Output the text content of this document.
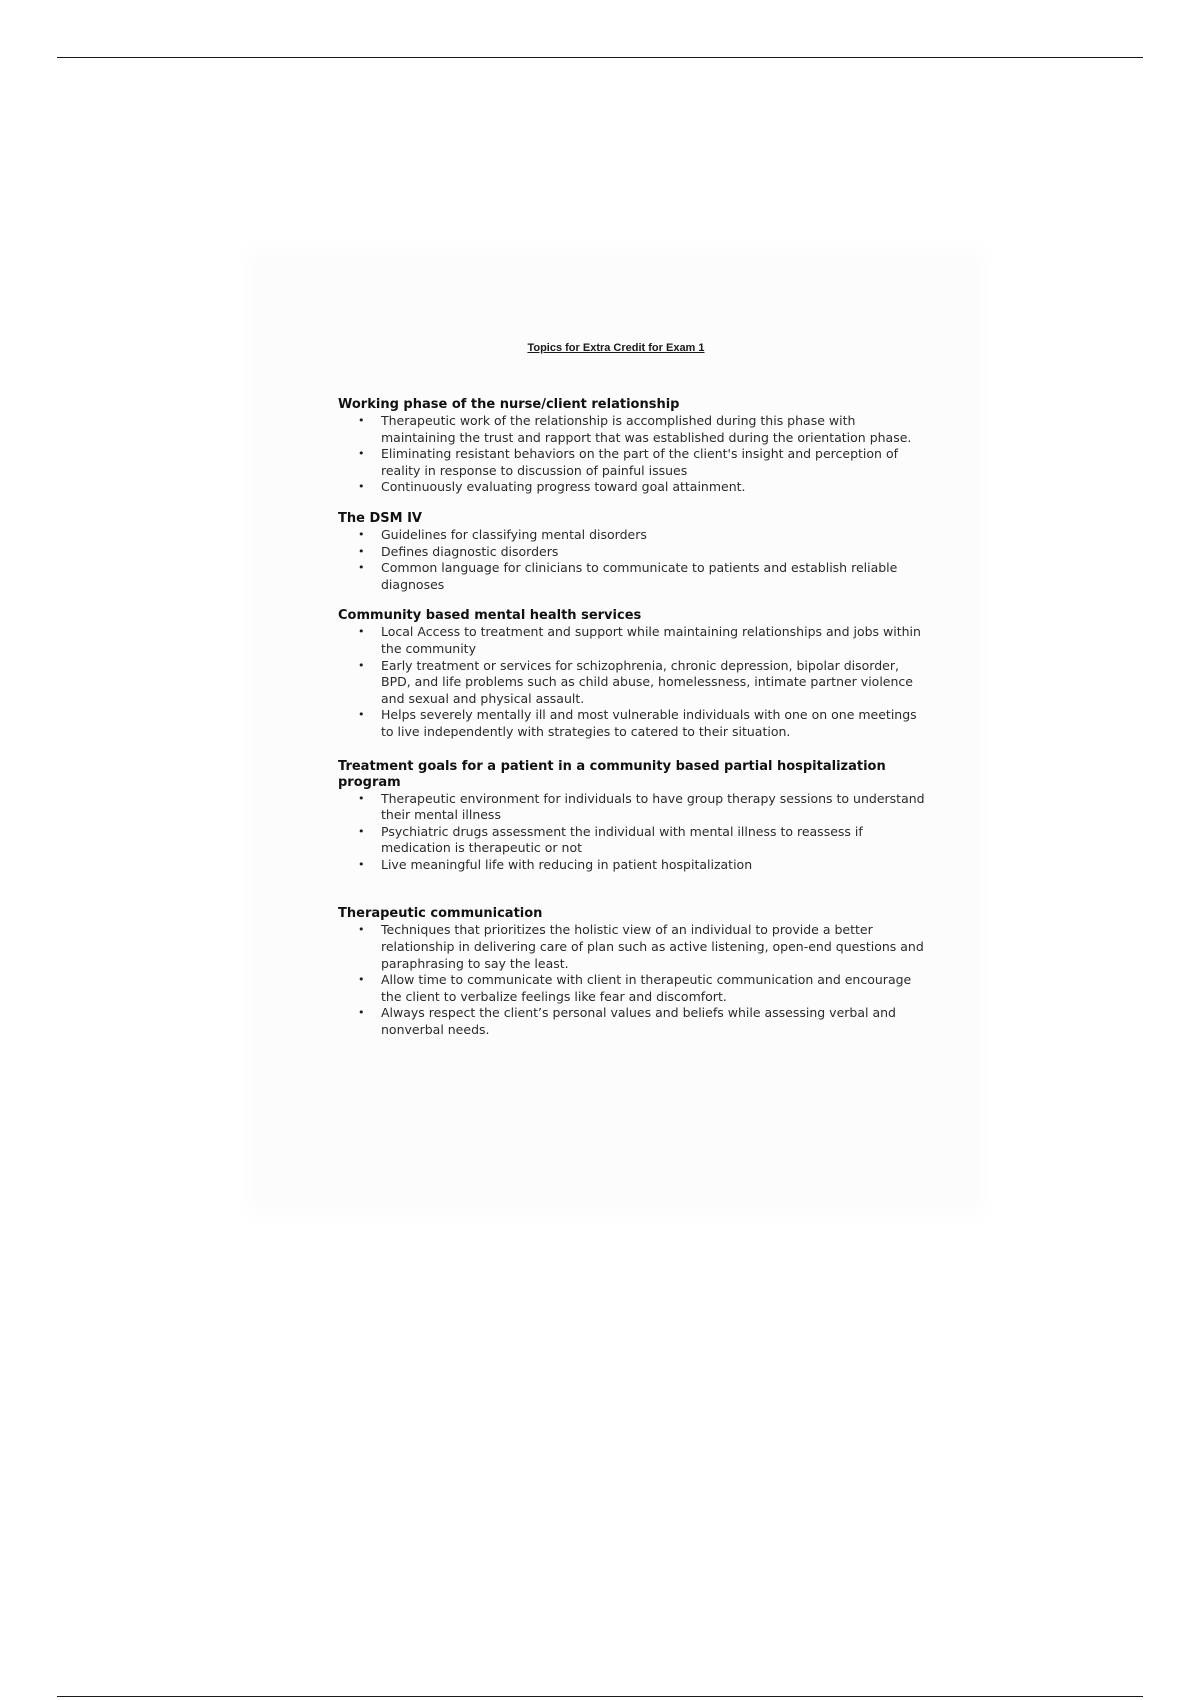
Topics for Extra Credit for Exam 1
Working phase of the nurse/client relationship
• Therapeutic work of the relationship is accomplished during this phase with maintaining the trust and rapport that was established during the orientation phase.
• Eliminating resistant behaviors on the part of the client's insight and perception of reality in response to discussion of painful issues
• Continuously evaluating progress toward goal attainment.
The DSM IV
• Guidelines for classifying mental disorders
• Defines diagnostic disorders
• Common language for clinicians to communicate to patients and establish reliable diagnoses
Community based mental health services
• Local Access to treatment and support while maintaining relationships and jobs within the community
• Early treatment or services for schizophrenia, chronic depression, bipolar disorder, BPD, and life problems such as child abuse, homelessness, intimate partner violence and sexual and physical assault.
• Helps severely mentally ill and most vulnerable individuals with one on one meetings to live independently with strategies to catered to their situation.
Treatment goals for a patient in a community based partial hospitalization program
• Therapeutic environment for individuals to have group therapy sessions to understand their mental illness
• Psychiatric drugs assessment the individual with mental illness to reassess if medication is therapeutic or not
• Live meaningful life with reducing in patient hospitalization
Therapeutic communication
• Techniques that prioritizes the holistic view of an individual to provide a better relationship in delivering care of plan such as active listening, open-end questions and paraphrasing to say the least.
• Allow time to communicate with client in therapeutic communication and encourage the client to verbalize feelings like fear and discomfort.
• Always respect the client’s personal values and beliefs while assessing verbal and nonverbal needs.
